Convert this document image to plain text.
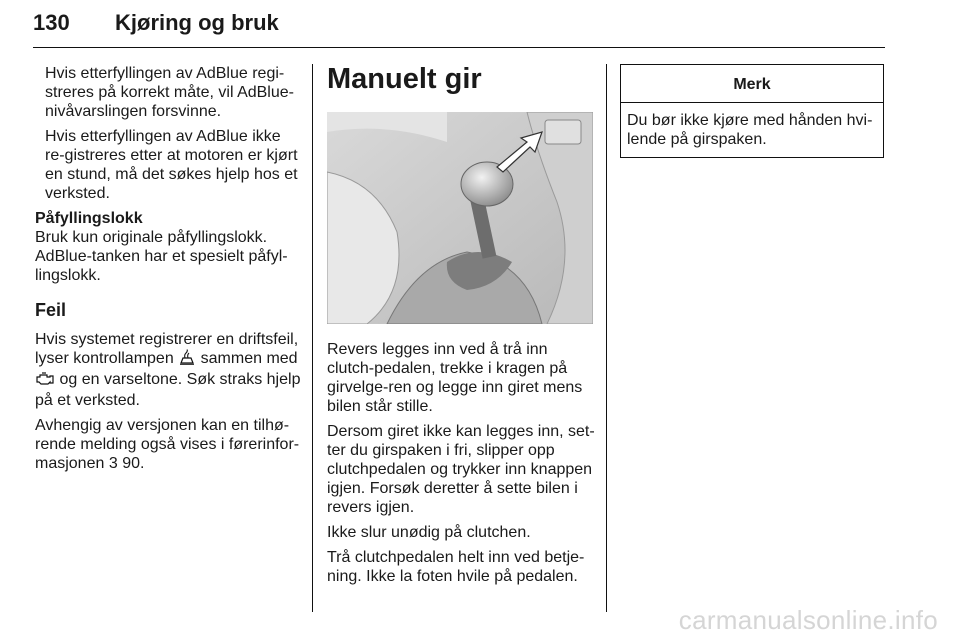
130 Kjøring og bruk

Hvis etterfyllingen av AdBlue regi-streres på korrekt måte, vil AdBlue-nivåvarslingen forsvinne.

Hvis etterfyllingen av AdBlue ikke re-gistreres etter at motoren er kjørt en stund, må det søkes hjelp hos et verksted.

Påfyllingslokk

Bruk kun originale påfyllingslokk. AdBlue-tanken har et spesielt påfyl-lingslokk.

Feil

Hvis systemet registrerer en driftsfeil, lyser kontrollampen sammen med  og en varseltone. Søk straks hjelp på et verksted.

Avhengig av versjonen kan en tilhø-rende melding også vises i førerinfor-masjonen 3 90.

Manuelt gir

Revers legges inn ved å trå inn clutch-pedalen, trekke i kragen på girvelge-ren og legge inn giret mens bilen står stille.

Dersom giret ikke kan legges inn, set-ter du girspaken i fri, slipper opp clutchpedalen og trykker inn knappen igjen. Forsøk deretter å sette bilen i revers igjen.

Ikke slur unødig på clutchen.

Trå clutchpedalen helt inn ved betje-ning. Ikke la foten hvile på pedalen.

Merk
Du bør ikke kjøre med hånden hvi-lende på girspaken.
carmanualsonline.info
